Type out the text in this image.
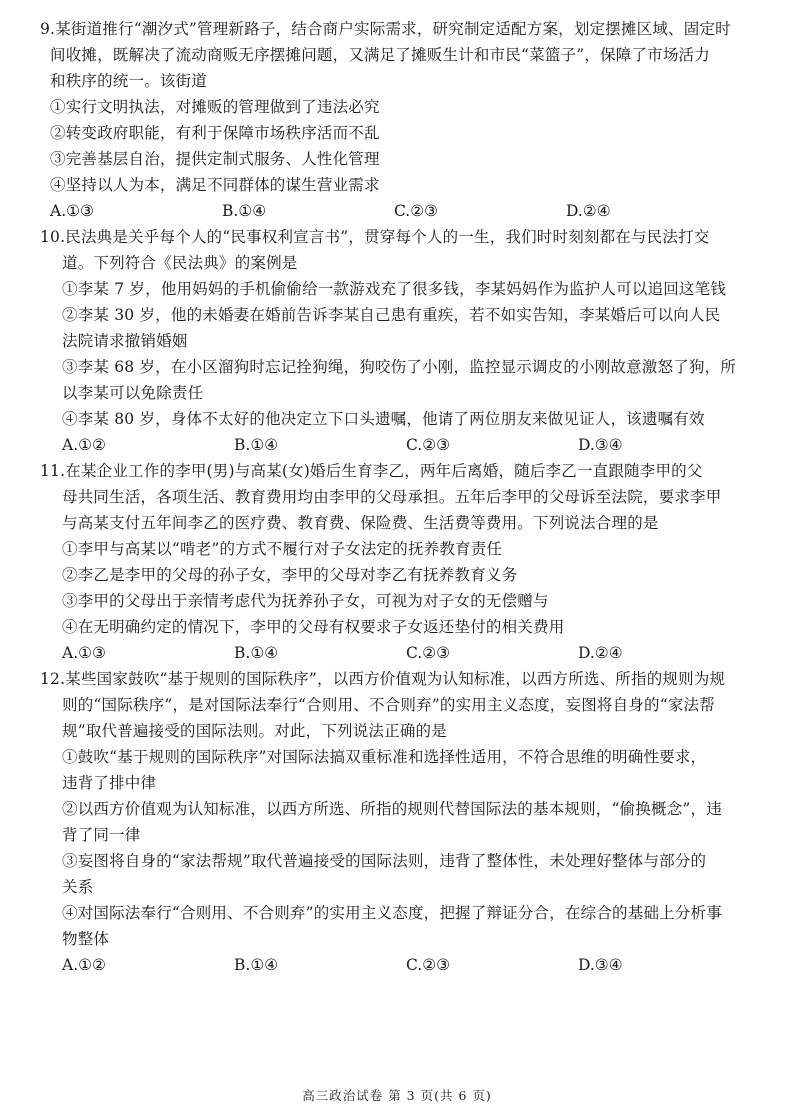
9.某街道推行“潮汐式”管理新路子，结合商户实际需求，研究制定适配方案，划定摆摊区域、固定时
间收摊，既解决了流动商贩无序摆摊问题，又满足了摊贩生计和市民“菜篮子”，保障了市场活力
和秩序的统一。该街道
①实行文明执法，对摊贩的管理做到了违法必究
②转变政府职能，有利于保障市场秩序活而不乱
③完善基层自治，提供定制式服务、人性化管理
④坚持以人为本，满足不同群体的谋生营业需求
A.①③	B.①④	C.②③	D.②④
10.民法典是关乎每个人的“民事权利宣言书”，贯穿每个人的一生，我们时时刻刻都在与民法打交
道。下列符合《民法典》的案例是
①李某 7 岁，他用妈妈的手机偷偷给一款游戏充了很多钱，李某妈妈作为监护人可以追回这笔钱
②李某 30 岁，他的未婚妻在婚前告诉李某自己患有重疾，若不如实告知，李某婚后可以向人民
法院请求撤销婚姻
③李某 68 岁，在小区溜狗时忘记拴狗绳，狗咬伤了小刚，监控显示调皮的小刚故意激怒了狗，所
以李某可以免除责任
④李某 80 岁，身体不太好的他决定立下口头遗嘱，他请了两位朋友来做见证人，该遗嘱有效
A.①②	B.①④	C.②③	D.③④
11.在某企业工作的李甲(男)与高某(女)婚后生育李乙，两年后离婚，随后李乙一直跟随李甲的父
母共同生活，各项生活、教育费用均由李甲的父母承担。五年后李甲的父母诉至法院，要求李甲
与高某支付五年间李乙的医疗费、教育费、保险费、生活费等费用。下列说法合理的是
①李甲与高某以“啃老”的方式不履行对子女法定的抚养教育责任
②李乙是李甲的父母的孙子女，李甲的父母对李乙有抚养教育义务
③李甲的父母出于亲情考虑代为抚养孙子女，可视为对子女的无偿赠与
④在无明确约定的情况下，李甲的父母有权要求子女返还垫付的相关费用
A.①③	B.①④	C.②③	D.②④
12.某些国家鼓吹“基于规则的国际秩序”，以西方价值观为认知标准，以西方所选、所指的规则为规
则的“国际秩序”，是对国际法奉行“合则用、不合则弃”的实用主义态度，妄图将自身的“家法帮
规”取代普遍接受的国际法则。对此，下列说法正确的是
①鼓吹“基于规则的国际秩序”对国际法搞双重标准和选择性适用，不符合思维的明确性要求，
违背了排中律
②以西方价值观为认知标准，以西方所选、所指的规则代替国际法的基本规则，“偷换概念”，违
背了同一律
③妄图将自身的“家法帮规”取代普遍接受的国际法则，违背了整体性，未处理好整体与部分的
关系
④对国际法奉行“合则用、不合则弃”的实用主义态度，把握了辩证分合，在综合的基础上分析事
物整体
A.①②	B.①④	C.②③	D.③④
高三政治试卷 第 3 页(共 6 页)
